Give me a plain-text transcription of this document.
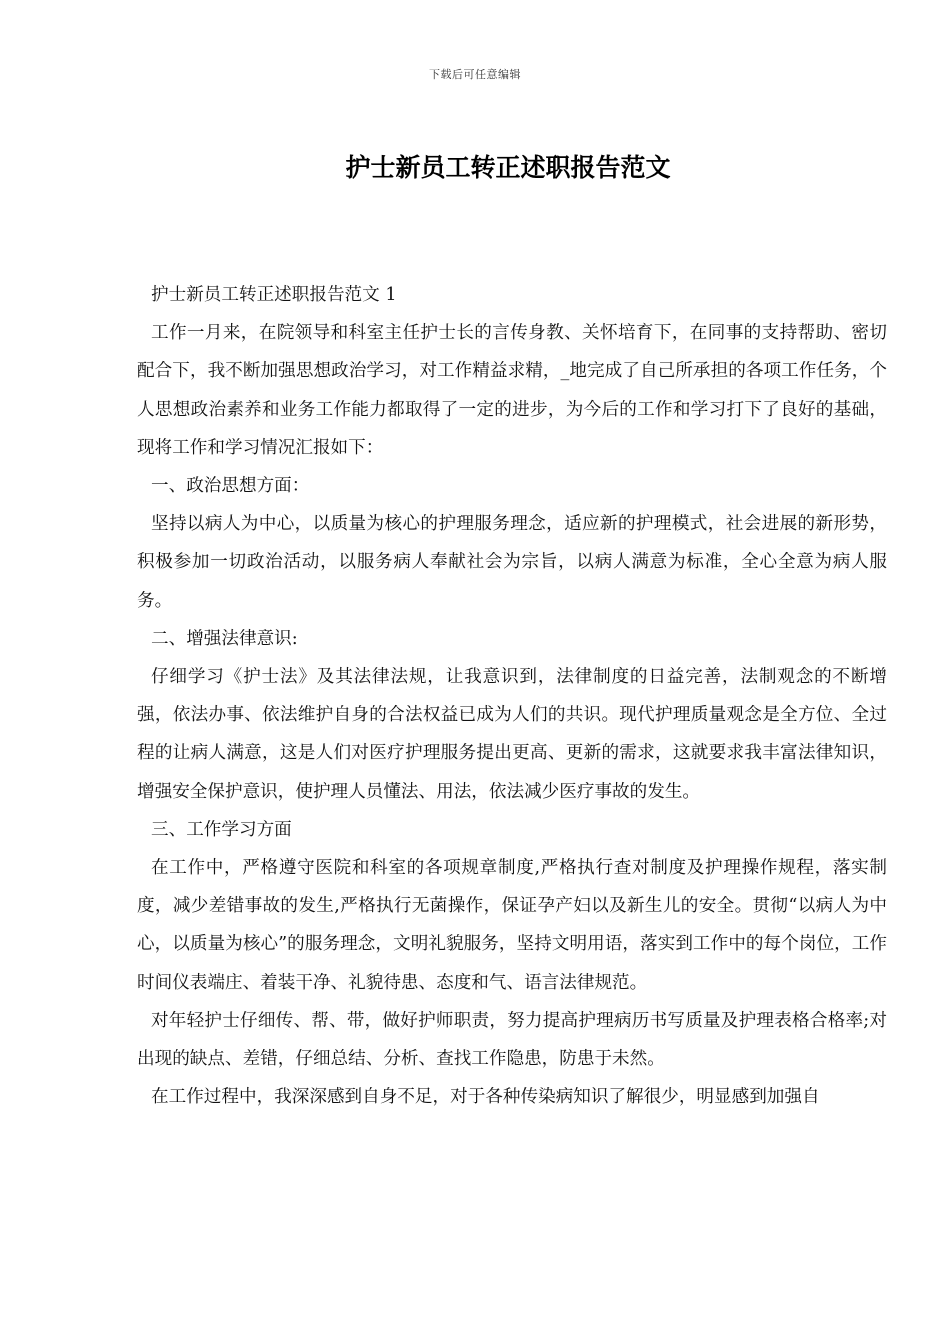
下载后可任意编辑
护士新员工转正述职报告范文

护士新员工转正述职报告范文 1

工作一月来，在院领导和科室主任护士长的言传身教、关怀培育下，在同事的支持帮助、密切配合下，我不断加强思想政治学习，对工作精益求精，_地完成了自己所承担的各项工作任务，个人思想政治素养和业务工作能力都取得了一定的进步，为今后的工作和学习打下了良好的基础，现将工作和学习情况汇报如下：

一、政治思想方面：

坚持以病人为中心，以质量为核心的护理服务理念，适应新的护理模式，社会进展的新形势，积极参加一切政治活动，以服务病人奉献社会为宗旨，以病人满意为标准，全心全意为病人服务。

二、增强法律意识:

仔细学习《护士法》及其法律法规，让我意识到，法律制度的日益完善，法制观念的不断增强，依法办事、依法维护自身的合法权益已成为人们的共识。现代护理质量观念是全方位、全过程的让病人满意，这是人们对医疗护理服务提出更高、更新的需求，这就要求我丰富法律知识，增强安全保护意识，使护理人员懂法、用法，依法减少医疗事故的发生。

三、工作学习方面

在工作中，严格遵守医院和科室的各项规章制度,严格执行查对制度及护理操作规程，落实制度，减少差错事故的发生,严格执行无菌操作，保证孕产妇以及新生儿的安全。贯彻“以病人为中心，以质量为核心”的服务理念，文明礼貌服务，坚持文明用语，落实到工作中的每个岗位，工作时间仪表端庄、着装干净、礼貌待患、态度和气、语言法律规范。

对年轻护士仔细传、帮、带，做好护师职责，努力提高护理病历书写质量及护理表格合格率;对出现的缺点、差错，仔细总结、分析、查找工作隐患，防患于未然。

在工作过程中，我深深感到自身不足，对于各种传染病知识了解很少，明显感到加强自
